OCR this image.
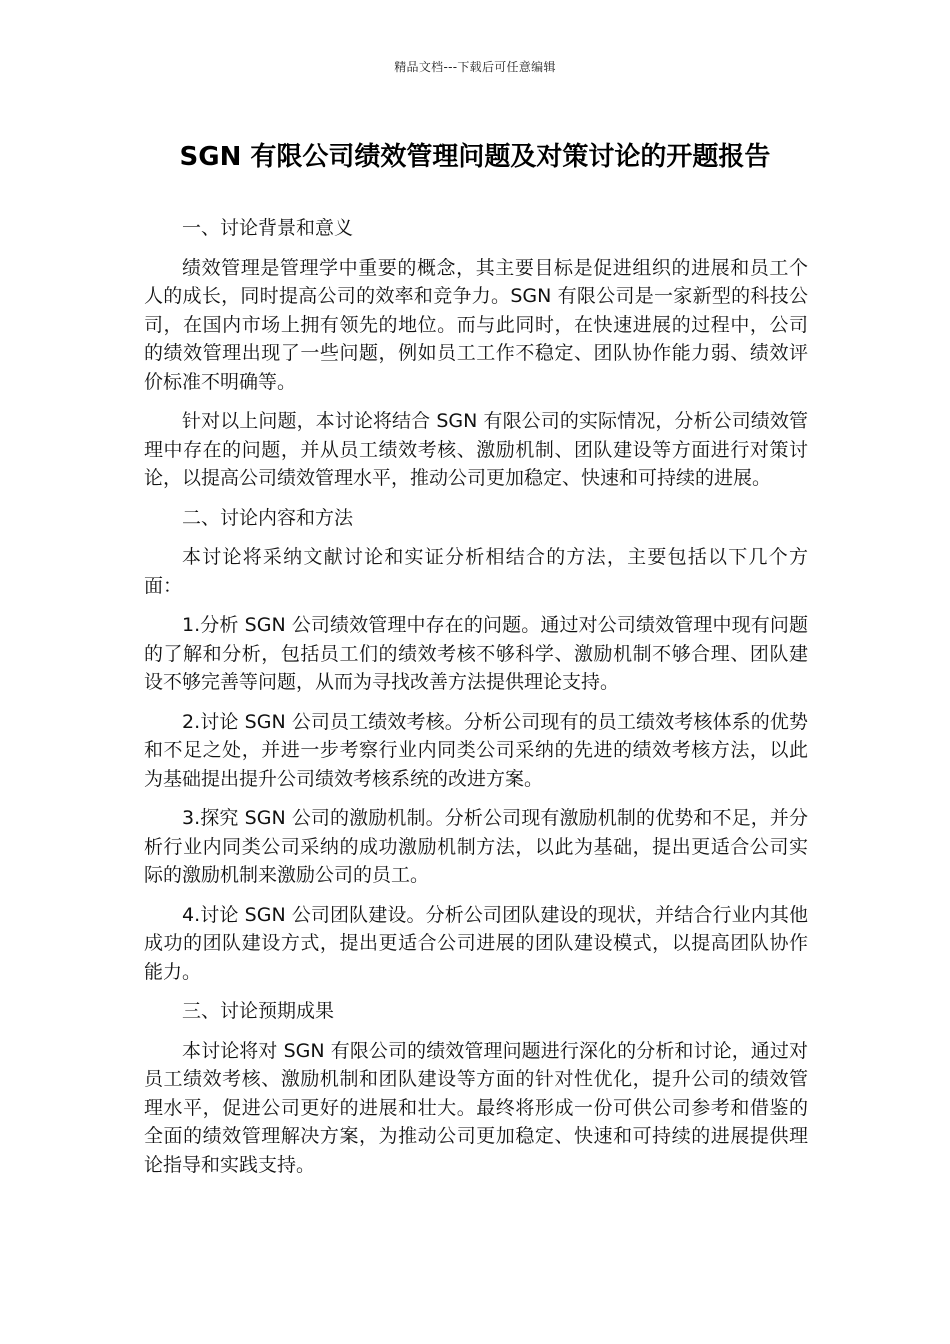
精品文档---下载后可任意编辑
SGN 有限公司绩效管理问题及对策讨论的开题报告

一、讨论背景和意义

绩效管理是管理学中重要的概念，其主要目标是促进组织的进展和员工个人的成长，同时提高公司的效率和竞争力。SGN 有限公司是一家新型的科技公司，在国内市场上拥有领先的地位。而与此同时，在快速进展的过程中，公司的绩效管理出现了一些问题，例如员工工作不稳定、团队协作能力弱、绩效评价标准不明确等。

针对以上问题，本讨论将结合 SGN 有限公司的实际情况，分析公司绩效管理中存在的问题，并从员工绩效考核、激励机制、团队建设等方面进行对策讨论，以提高公司绩效管理水平，推动公司更加稳定、快速和可持续的进展。

二、讨论内容和方法

本讨论将采纳文献讨论和实证分析相结合的方法，主要包括以下几个方面：

1.分析 SGN 公司绩效管理中存在的问题。通过对公司绩效管理中现有问题的了解和分析，包括员工们的绩效考核不够科学、激励机制不够合理、团队建设不够完善等问题，从而为寻找改善方法提供理论支持。

2.讨论 SGN 公司员工绩效考核。分析公司现有的员工绩效考核体系的优势和不足之处，并进一步考察行业内同类公司采纳的先进的绩效考核方法，以此为基础提出提升公司绩效考核系统的改进方案。

3.探究 SGN 公司的激励机制。分析公司现有激励机制的优势和不足，并分析行业内同类公司采纳的成功激励机制方法，以此为基础，提出更适合公司实际的激励机制来激励公司的员工。

4.讨论 SGN 公司团队建设。分析公司团队建设的现状，并结合行业内其他成功的团队建设方式，提出更适合公司进展的团队建设模式，以提高团队协作能力。

三、讨论预期成果

本讨论将对 SGN 有限公司的绩效管理问题进行深化的分析和讨论，通过对员工绩效考核、激励机制和团队建设等方面的针对性优化，提升公司的绩效管理水平，促进公司更好的进展和壮大。最终将形成一份可供公司参考和借鉴的全面的绩效管理解决方案，为推动公司更加稳定、快速和可持续的进展提供理论指导和实践支持。
